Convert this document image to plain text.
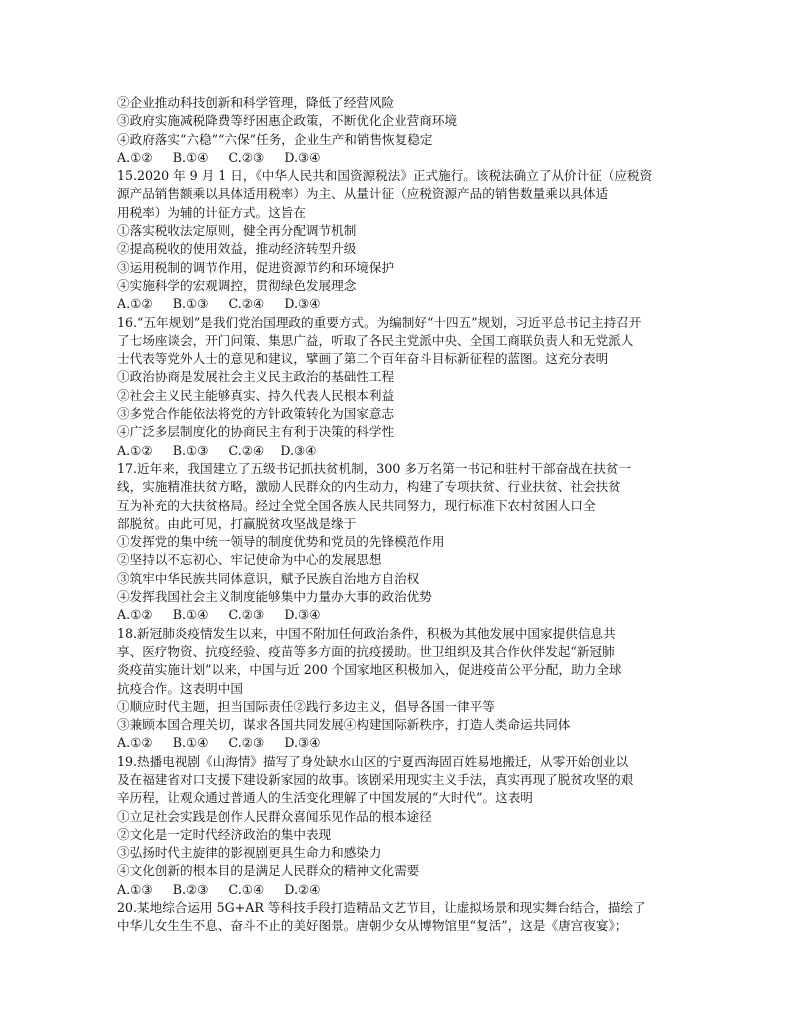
②企业推动科技创新和科学管理，降低了经营风险
③政府实施减税降费等纾困惠企政策，不断优化企业营商环境
④政府落实“六稳”“六保”任务，企业生产和销售恢复稳定
A.①②     B.①④     C.②③     D.③④
15.2020 年 9 月 1 日，《中华人民共和国资源税法》正式施行。该税法确立了从价计征（应税资
源产品销售额乘以具体适用税率）为主、从量计征（应税资源产品的销售数量乘以具体适
用税率）为辅的计征方式。这旨在
①落实税收法定原则，健全再分配调节机制
②提高税收的使用效益，推动经济转型升级
③运用税制的调节作用，促进资源节约和环境保护
④实施科学的宏观调控，贯彻绿色发展理念
A.①②     B.①③     C.②④     D.③④
16.“五年规划”是我们党治国理政的重要方式。为编制好“十四五”规划，习近平总书记主持召开
了七场座谈会，开门问策、集思广益，听取了各民主党派中央、全国工商联负责人和无党派人
士代表等党外人士的意见和建议，擘画了第二个百年奋斗目标新征程的蓝图。这充分表明
①政治协商是发展社会主义民主政治的基础性工程
②社会主义民主能够真实、持久代表人民根本利益
③多党合作能依法将党的方针政策转化为国家意志
④广泛多层制度化的协商民主有利于决策的科学性
A.①②     B.①③     C.②④    D.③④
17.近年来，我国建立了五级书记抓扶贫机制，300 多万名第一书记和驻村干部奋战在扶贫一
线，实施精准扶贫方略，激励人民群众的内生动力，构建了专项扶贫、行业扶贫、社会扶贫
互为补充的大扶贫格局。经过全党全国各族人民共同努力，现行标准下农村贫困人口全
部脱贫。由此可见，打赢脱贫攻坚战是缘于
①发挥党的集中统一领导的制度优势和党员的先锋模范作用
②坚持以不忘初心、牢记使命为中心的发展思想
③筑牢中华民族共同体意识，赋予民族自治地方自治权
④发挥我国社会主义制度能够集中力量办大事的政治优势
A.①②     B.①④     C.②③     D.③④
18.新冠肺炎疫情发生以来，中国不附加任何政治条件，积极为其他发展中国家提供信息共
享、医疗物资、抗疫经验、疫苗等多方面的抗疫援助。世卫组织及其合作伙伴发起“新冠肺
炎疫苗实施计划”以来，中国与近 200 个国家地区积极加入，促进疫苗公平分配，助力全球
抗疫合作。这表明中国
①顺应时代主题，担当国际责任②践行多边主义，倡导各国一律平等
③兼顾本国合理关切，谋求各国共同发展④构建国际新秩序，打造人类命运共同体
A.①②     B.①④     C.②③     D.③④
19.热播电视剧《山海情》描写了身处缺水山区的宁夏西海固百姓易地搬迁，从零开始创业以
及在福建省对口支援下建设新家园的故事。该剧采用现实主义手法，真实再现了脱贫攻坚的艰
辛历程，让观众通过普通人的生活变化理解了中国发展的“大时代”。这表明
①立足社会实践是创作人民群众喜闻乐见作品的根本途径
②文化是一定时代经济政治的集中表现
③弘扬时代主旋律的影视剧更具生命力和感染力
④文化创新的根本目的是满足人民群众的精神文化需要
A.①③     B.②③     C.①④     D.②④
20.某地综合运用 5G+AR 等科技手段打造精品文艺节目，让虚拟场景和现实舞台结合，描绘了
中华儿女生生不息、奋斗不止的美好图景。唐朝少女从博物馆里“复活”，这是《唐宫夜宴》；
